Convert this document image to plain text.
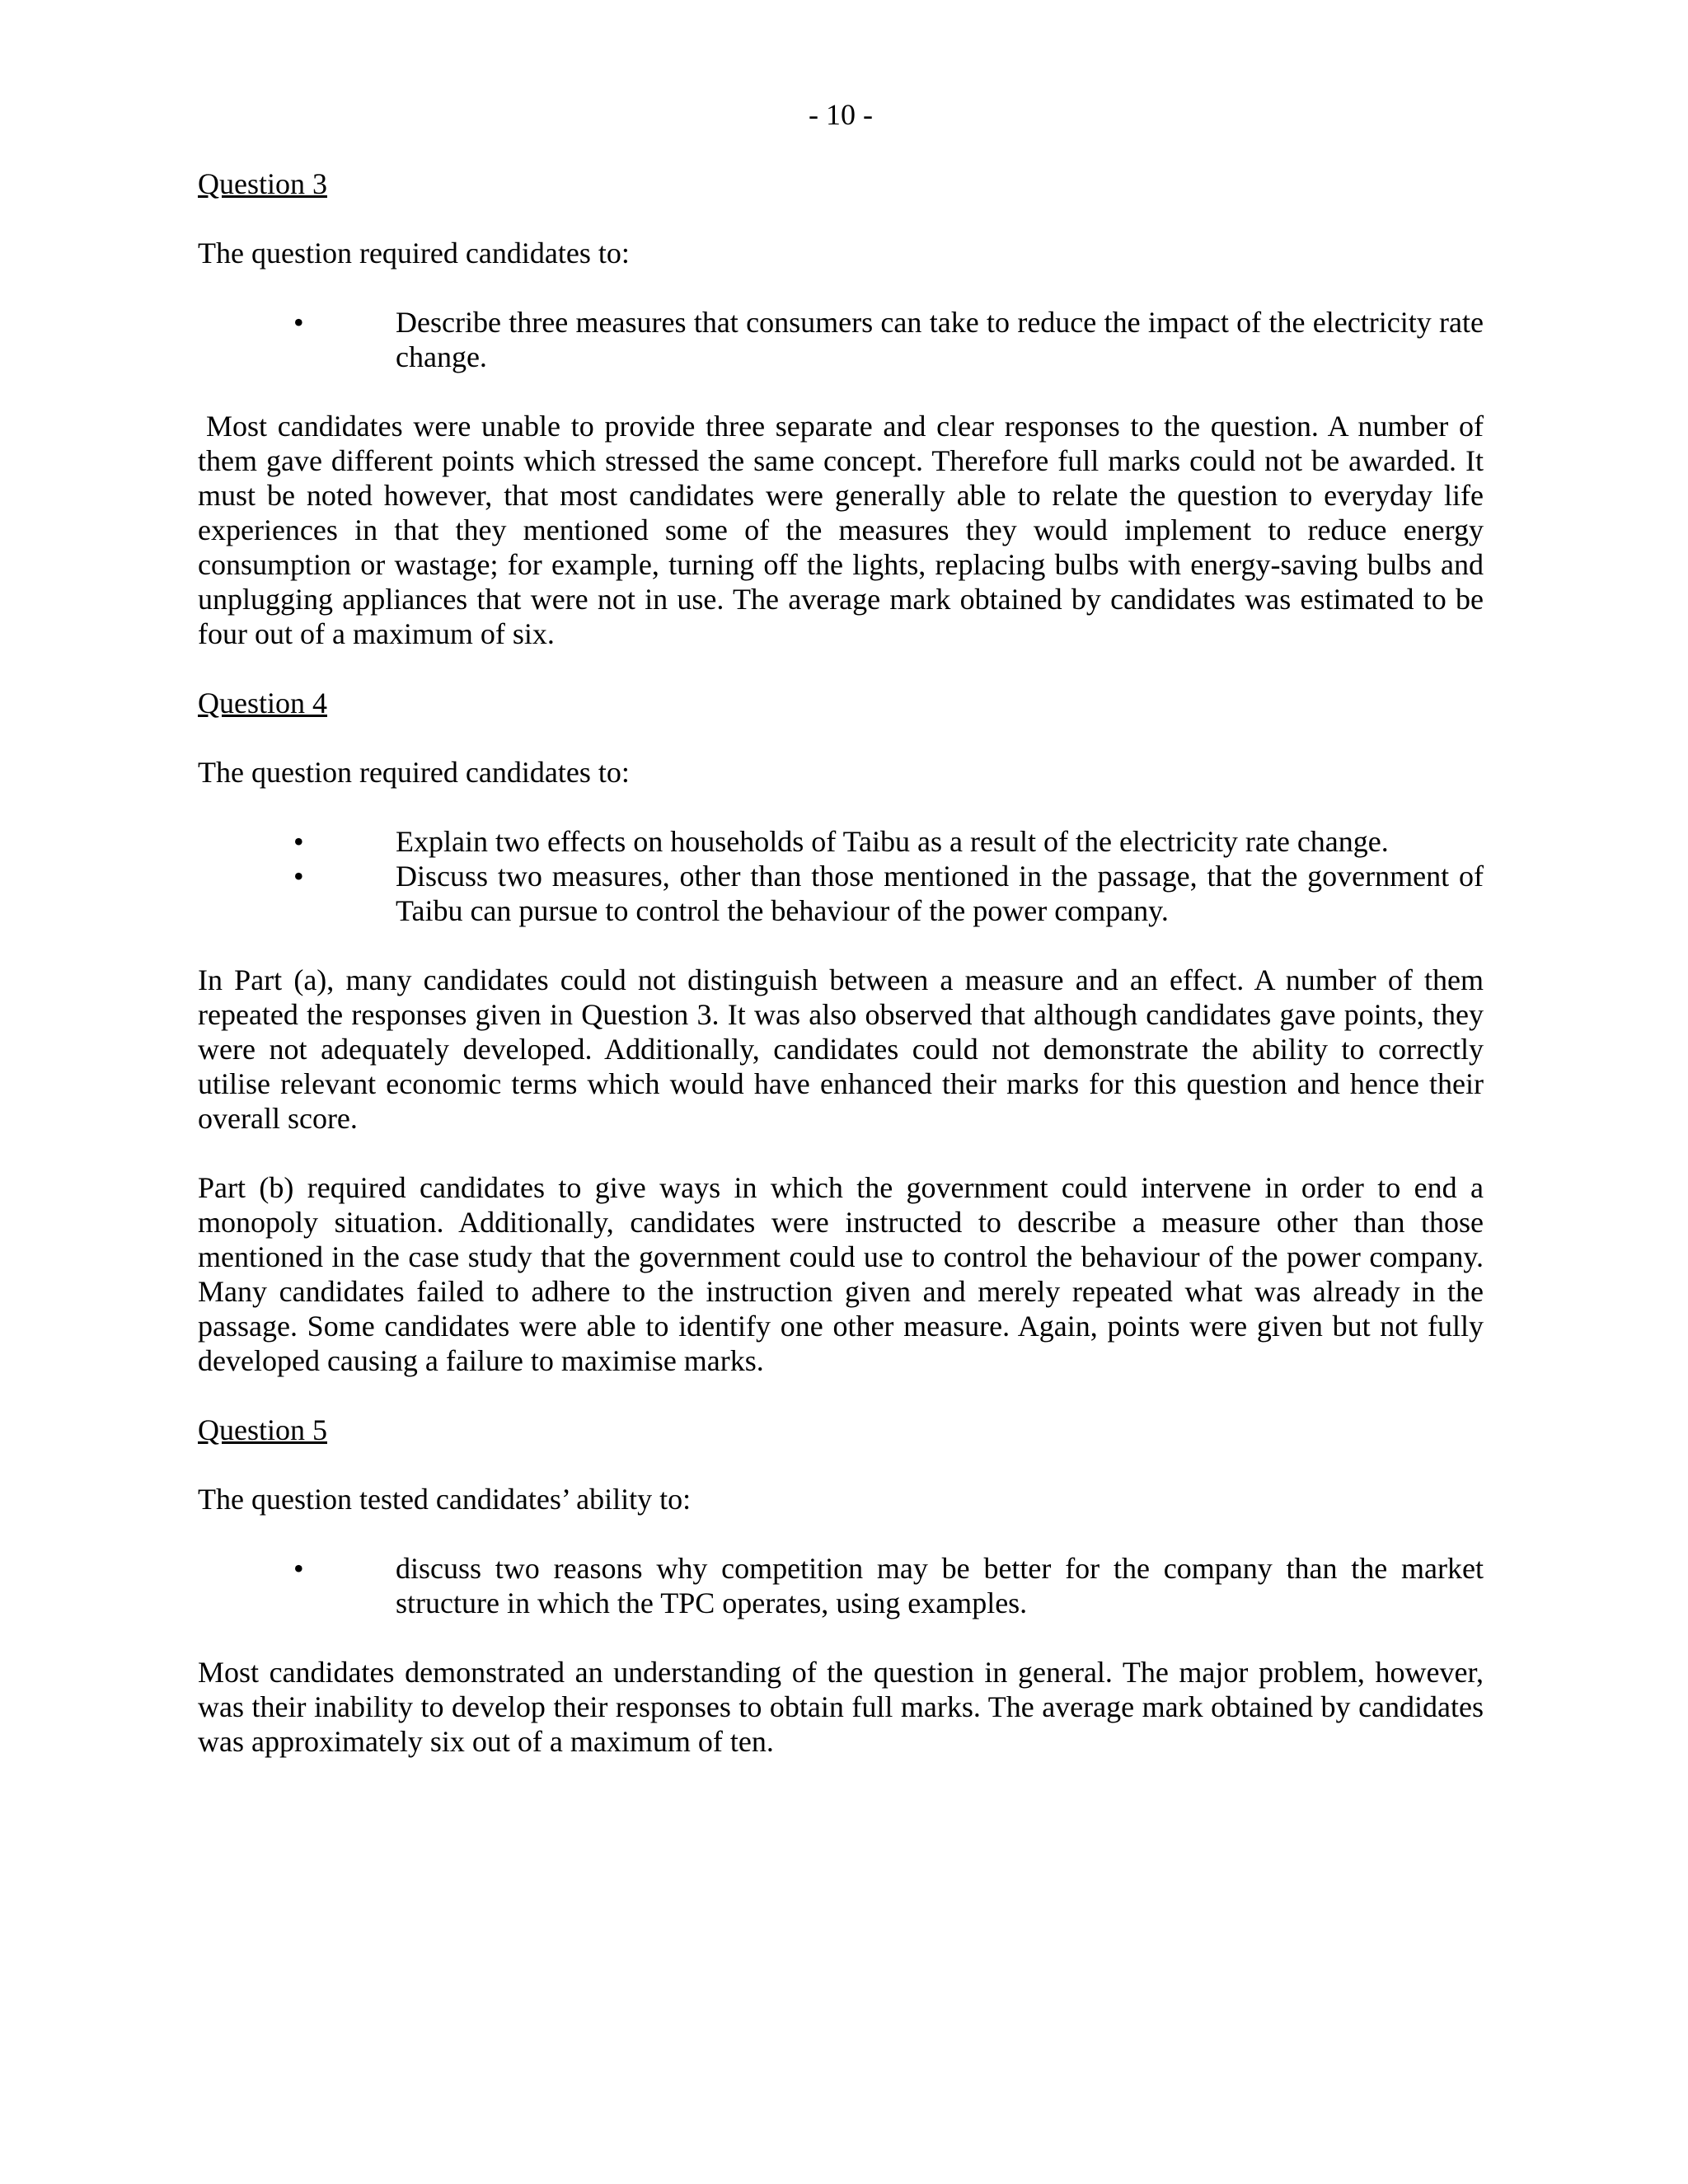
- 10 -
Question 3
The question required candidates to:
•	Describe three measures that consumers can take to reduce the impact of the electricity rate change.

Most candidates were unable to provide three separate and clear responses to the question. A number of them gave different points which stressed the same concept. Therefore full marks could not be awarded. It must be noted however, that most candidates were generally able to relate the question to everyday life experiences in that they mentioned some of the measures they would implement to reduce energy consumption or wastage; for example, turning off the lights, replacing bulbs with energy-saving bulbs and unplugging appliances that were not in use. The average mark obtained by candidates was estimated to be four out of a maximum of six.

Question 4
The question required candidates to:
•	Explain two effects on households of Taibu as a result of the electricity rate change.
•	Discuss two measures, other than those mentioned in the passage, that the government of Taibu can pursue to control the behaviour of the power company.

In Part (a), many candidates could not distinguish between a measure and an effect. A number of them repeated the responses given in Question 3. It was also observed that although candidates gave points, they were not adequately developed. Additionally, candidates could not demonstrate the ability to correctly utilise relevant economic terms which would have enhanced their marks for this question and hence their overall score.

Part (b) required candidates to give ways in which the government could intervene in order to end a monopoly situation. Additionally, candidates were instructed to describe a measure other than those mentioned in the case study that the government could use to control the behaviour of the power company. Many candidates failed to adhere to the instruction given and merely repeated what was already in the passage. Some candidates were able to identify one other measure. Again, points were given but not fully developed causing a failure to maximise marks.

Question 5
The question tested candidates’ ability to:
•	discuss two reasons why competition may be better for the company than the market structure in which the TPC operates, using examples.

Most candidates demonstrated an understanding of the question in general. The major problem, however, was their inability to develop their responses to obtain full marks. The average mark obtained by candidates was approximately six out of a maximum of ten.
